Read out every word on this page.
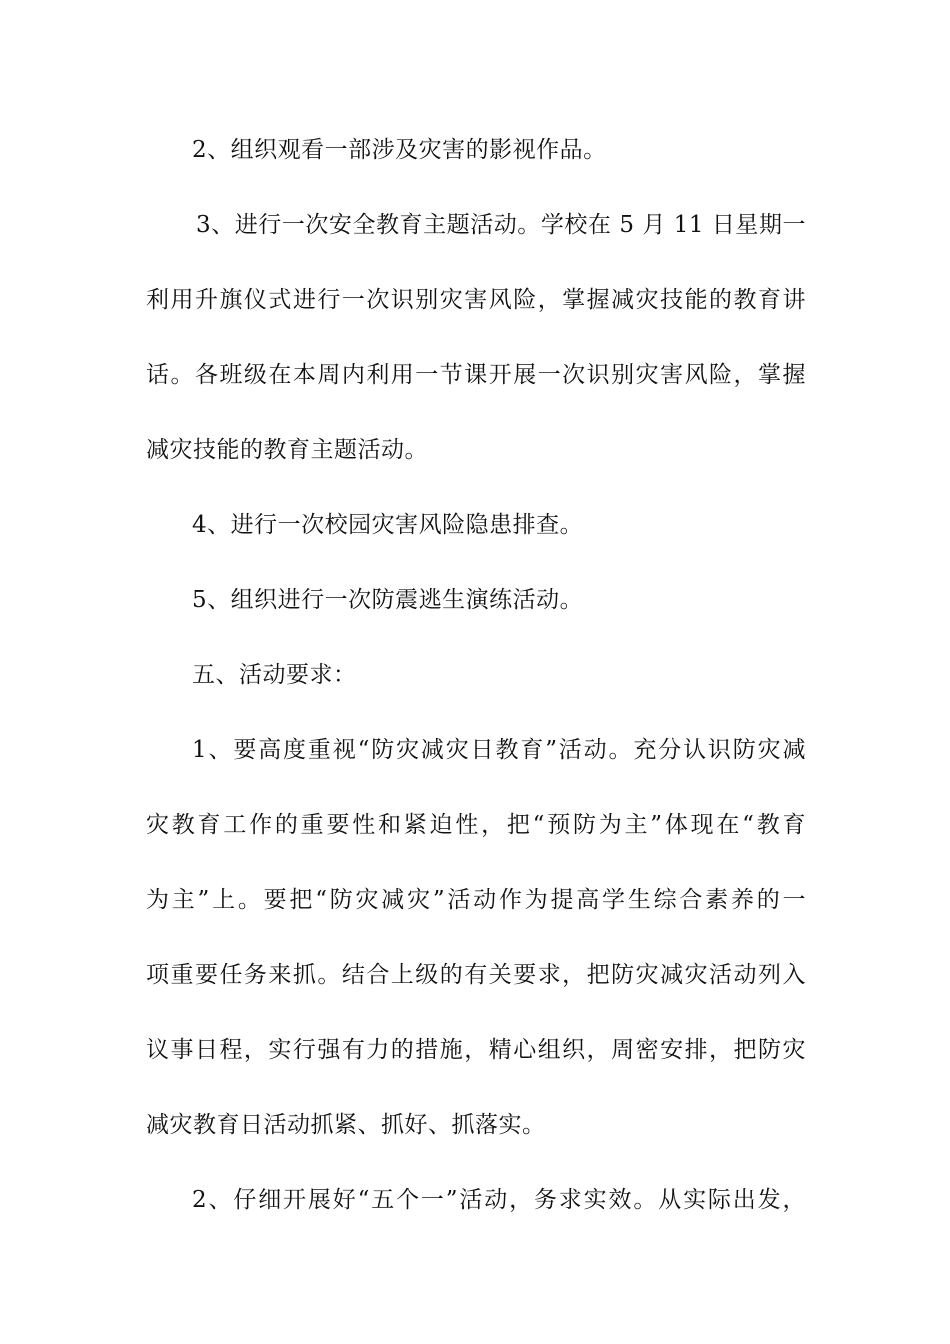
2、组织观看一部涉及灾害的影视作品。
3、进行一次安全教育主题活动。学校在 5 月 11 日星期一
利用升旗仪式进行一次识别灾害风险，掌握减灾技能的教育讲
话。各班级在本周内利用一节课开展一次识别灾害风险，掌握
减灾技能的教育主题活动。
4、进行一次校园灾害风险隐患排查。
5、组织进行一次防震逃生演练活动。
五、活动要求：
1、要高度重视“防灾减灾日教育”活动。充分认识防灾减
灾教育工作的重要性和紧迫性，把“预防为主”体现在“教育
为主”上。要把“防灾减灾”活动作为提高学生综合素养的一
项重要任务来抓。结合上级的有关要求，把防灾减灾活动列入
议事日程，实行强有力的措施，精心组织，周密安排，把防灾
减灾教育日活动抓紧、抓好、抓落实。
2、仔细开展好“五个一”活动，务求实效。从实际出发，
